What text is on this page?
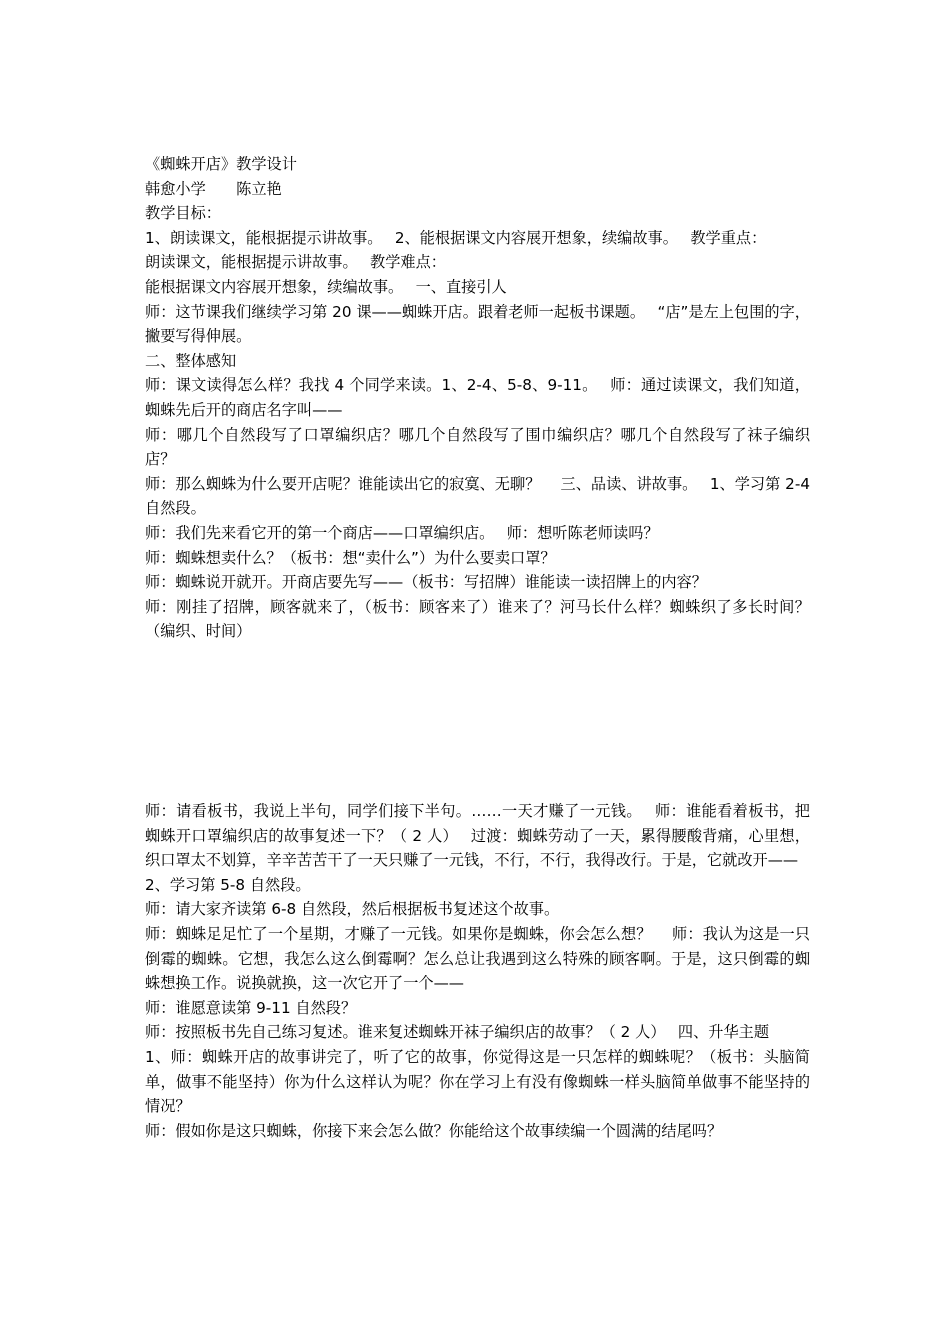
《蜘蛛开店》教学设计

韩愈小学　　陈立艳

教学目标：

1、朗读课文，能根据提示讲故事。　 2、能根据课文内容展开想象，续编故事。　 教学重点：

朗读课文，能根据提示讲故事。　 教学难点：

能根据课文内容展开想象，续编故事。　 一、直接引人

师：这节课我们继续学习第 20 课——蜘蛛开店。跟着老师一起板书课题。　 “店”是左上包围的字，撇要写得伸展。

二、整体感知

师：课文读得怎么样？我找 4 个同学来读。1、2-4、5-8、9-11。　 师：通过读课文，我们知道，蜘蛛先后开的商店名字叫——

师：哪几个自然段写了口罩编织店？哪几个自然段写了围巾编织店？哪几个自然段写了袜子编织店？

师：那么蜘蛛为什么要开店呢？谁能读出它的寂寞、无聊？　 三、品读、讲故事。　 1、学习第 2-4 自然段。

师：我们先来看它开的第一个商店——口罩编织店。　 师：想听陈老师读吗？

师：蜘蛛想卖什么？（板书：想“卖什么”）为什么要卖口罩？

师：蜘蛛说开就开。开商店要先写——（板书：写招牌）谁能读一读招牌上的内容？

师：刚挂了招牌，顾客就来了，（板书：顾客来了）谁来了？河马长什么样？蜘蛛织了多长时间？（编织、时间）

师：请看板书，我说上半句，同学们接下半句。……一天才赚了一元钱。　 师：谁能看着板书，把蜘蛛开口罩编织店的故事复述一下？（ 2 人）　 过渡：蜘蛛劳动了一天，累得腰酸背痛，心里想，织口罩太不划算，辛辛苦苦干了一天只赚了一元钱，不行，不行，我得改行。于是，它就改开——

2、学习第 5-8 自然段。

师：请大家齐读第 6-8 自然段，然后根据板书复述这个故事。

师：蜘蛛足足忙了一个星期，才赚了一元钱。如果你是蜘蛛，你会怎么想？　 师：我认为这是一只倒霉的蜘蛛。它想，我怎么这么倒霉啊？怎么总让我遇到这么特殊的顾客啊。于是，这只倒霉的蜘蛛想换工作。说换就换，这一次它开了一个——

师：谁愿意读第 9-11 自然段？

师：按照板书先自己练习复述。谁来复述蜘蛛开袜子编织店的故事？（ 2 人）　 四、升华主题

1、师：蜘蛛开店的故事讲完了，听了它的故事，你觉得这是一只怎样的蜘蛛呢？（板书：头脑简单，做事不能坚持）你为什么这样认为呢？你在学习上有没有像蜘蛛一样头脑简单做事不能坚持的情况？

师：假如你是这只蜘蛛，你接下来会怎么做？你能给这个故事续编一个圆满的结尾吗？
